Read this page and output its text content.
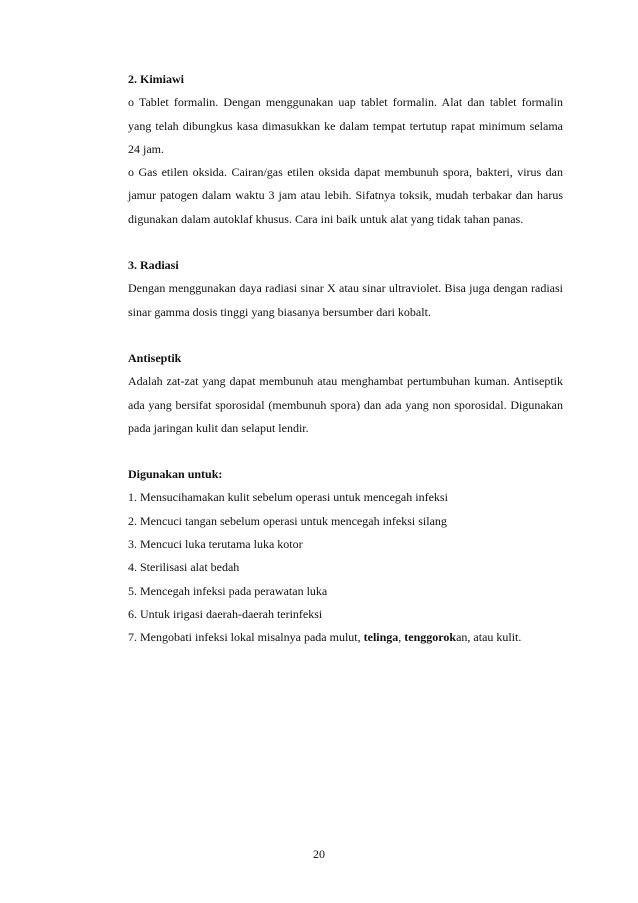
2. Kimiawi

o Tablet formalin. Dengan menggunakan uap tablet formalin. Alat dan tablet formalin yang telah dibungkus kasa dimasukkan ke dalam tempat tertutup rapat minimum selama 24 jam.

o Gas etilen oksida. Cairan/gas etilen oksida dapat membunuh spora, bakteri, virus dan jamur patogen dalam waktu 3 jam atau lebih. Sifatnya toksik, mudah terbakar dan harus digunakan dalam autoklaf khusus. Cara ini baik untuk alat yang tidak tahan panas.

3. Radiasi

Dengan menggunakan daya radiasi sinar X atau sinar ultraviolet. Bisa juga dengan radiasi sinar gamma dosis tinggi yang biasanya bersumber dari kobalt.

Antiseptik

Adalah zat-zat yang dapat membunuh atau menghambat pertumbuhan kuman. Antiseptik ada yang bersifat sporosidal (membunuh spora) dan ada yang non sporosidal. Digunakan pada jaringan kulit dan selaput lendir.

Digunakan untuk:

1. Mensucihamakan kulit sebelum operasi untuk mencegah infeksi
2. Mencuci tangan sebelum operasi untuk mencegah infeksi silang
3. Mencuci luka terutama luka kotor
4. Sterilisasi alat bedah
5. Mencegah infeksi pada perawatan luka
6. Untuk irigasi daerah-daerah terinfeksi
7. Mengobati infeksi lokal misalnya pada mulut, telinga, tenggorokan, atau kulit.
20
